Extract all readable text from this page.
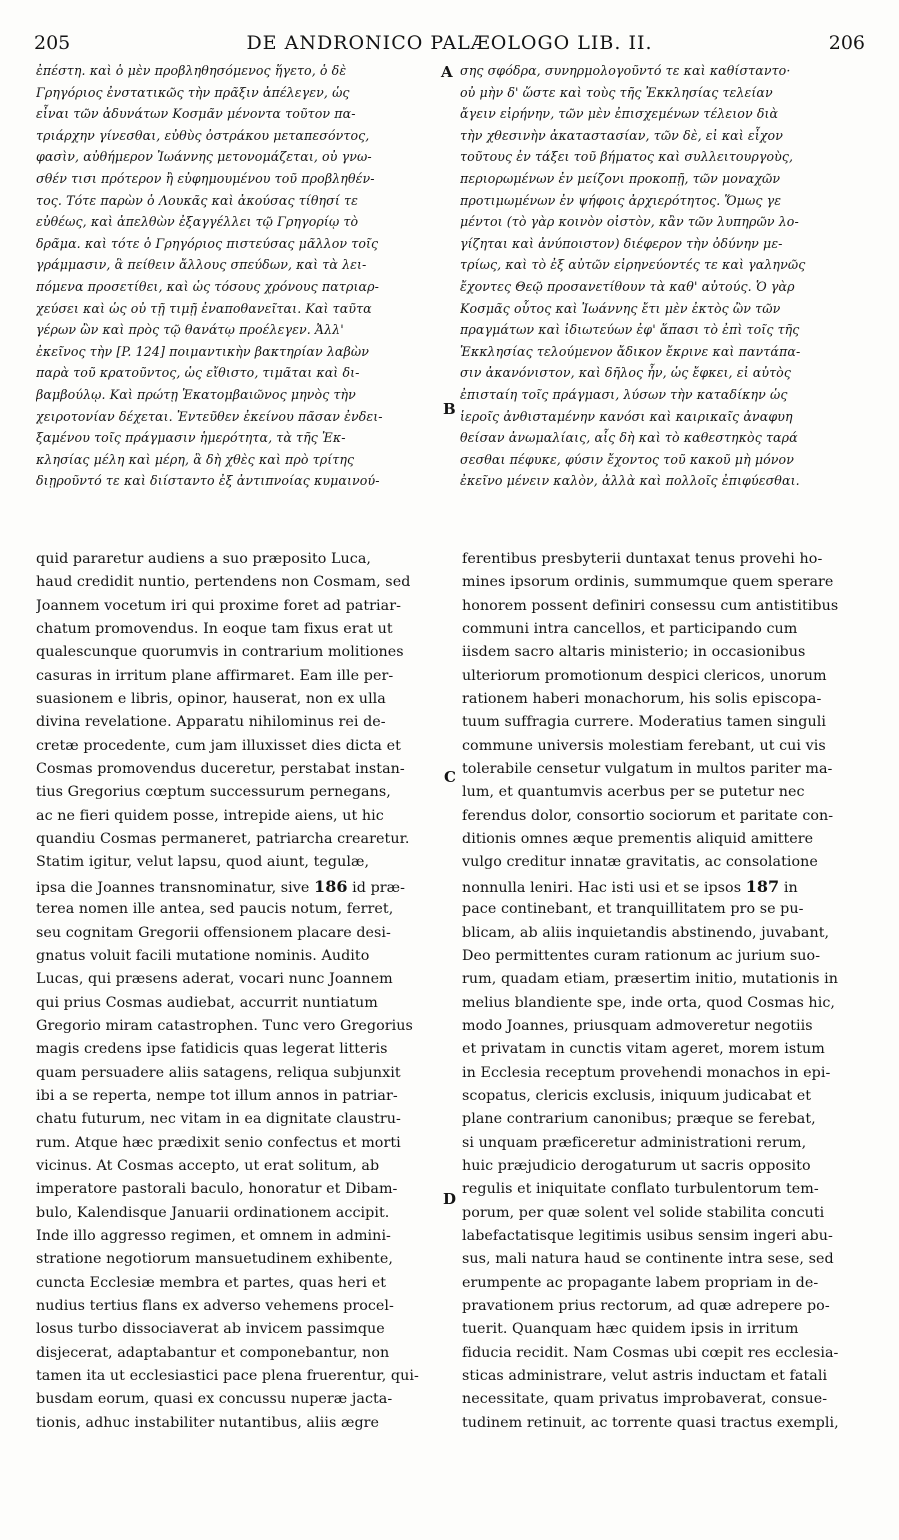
205	DE ANDRONICO PALÆOLOGO LIB. II.	206
ἐπέστη. καὶ ὁ μὲν προβληθησόμενος ἥγετο, ὁ δὲ
Γρηγόριος ἐνστατικῶς τὴν πρᾶξιν ἀπέλεγεν, ὡς
εἶναι τῶν ἀδυνάτων Κοσμᾶν μένοντα τοῦτον πα-
τριάρχην γίνεσθαι, εὐθὺς ὀστράκου μεταπεσόντος,
φασὶν, αὐθήμερον Ἰωάννης μετονομάζεται, οὐ γνω-
σθέν τισι πρότερον ἢ εὐφημουμένου τοῦ προβληθέν-
τος. Τότε παρὼν ὁ Λουκᾶς καὶ ἀκούσας τίθησί τε
εὐθέως, καὶ ἀπελθὼν ἐξαγγέλλει τῷ Γρηγορίῳ τὸ
δρᾶμα. καὶ τότε ὁ Γρηγόριος πιστεύσας μᾶλλον τοῖς
γράμμασιν, ἃ πείθειν ἄλλους σπεύδων, καὶ τὰ λει-
πόμενα προσετίθει, καὶ ὡς τόσους χρόνους πατριαρ-
χεύσει καὶ ὡς οὐ τῇ τιμῇ ἐναποθανεῖται. Καὶ ταῦτα
γέρων ὢν καὶ πρὸς τῷ θανάτῳ προέλεγεν. Ἀλλ'
ἐκεῖνος τὴν [P. 124] ποιμαντικὴν βακτηρίαν λαβὼν
παρὰ τοῦ κρατοῦντος, ὡς εἴθιστο, τιμᾶται καὶ δι-
βαμβούλῳ. Καὶ πρώτῃ Ἑκατομβαιῶνος μηνὸς τὴν
χειροτονίαν δέχεται. Ἐντεῦθεν ἐκείνου πᾶσαν ἐνδει-
ξαμένου τοῖς πράγμασιν ἡμερότητα, τὰ τῆς Ἐκ-
κλησίας μέλη καὶ μέρη, ἃ δὴ χθὲς καὶ πρὸ τρίτης
διῃροῦντό τε καὶ διίσταντο ἐξ ἀντιπνοίας κυμαινού-
σης σφόδρα, συνηρμολογοῦντό τε καὶ καθίσταντο·
οὐ μὴν δ' ὥστε καὶ τοὺς τῆς Ἐκκλησίας τελείαν
ἄγειν εἰρήνην, τῶν μὲν ἐπισχεμένων τέλειον διὰ
τὴν χθεσινὴν ἀκαταστασίαν, τῶν δὲ, εἰ καὶ εἶχον
τοῦτους ἐν τάξει τοῦ βήματος καὶ συλλειτουργοὺς,
περιορωμένων ἐν μείζονι προκοπῇ, τῶν μοναχῶν
προτιμωμένων ἐν ψήφοις ἀρχιερότητος. Ὅμως γε
μέντοι (τὸ γὰρ κοινὸν οἰστὸν, κἂν τῶν λυπηρῶν λο-
γίζηται καὶ ἀνύποιστον) διέφερον τὴν ὀδύνην με-
τρίως, καὶ τὸ ἐξ αὐτῶν εἰρηνεύοντές τε καὶ γαληνῶς
ἔχοντες Θεῷ προσανετίθουν τὰ καθ' αὐτούς. Ὁ γὰρ
Κοσμᾶς οὗτος καὶ Ἰωάννης ἔτι μὲν ἐκτὸς ὢν τῶν
πραγμάτων καὶ ἰδιωτεύων ἐφ' ἅπασι τὸ ἐπὶ τοῖς τῆς
Ἐκκλησίας τελούμενον ἄδικον ἔκρινε καὶ παντάπα-
σιν ἀκανόνιστον, καὶ δῆλος ἦν, ὡς ἔφκει, εἰ αὐτὸς
ἐπισταίη τοῖς πράγμασι, λύσων τὴν καταδίκην ὡς
ἱεροῖς ἀνθισταμένην κανόσι καὶ καιρικαῖς ἀναφυη
θείσαν ἀνωμαλίαις, αἷς δὴ καὶ τὸ καθεστηκὸς ταρά
σεσθαι πέφυκε, φύσιν ἔχοντος τοῦ κακοῦ μὴ μόνον
ἐκεῖνο μένειν καλὸν, ἀλλὰ καὶ πολλοῖς ἐπιφύεσθαι.
quid pararetur audiens a suo præposito Luca,
haud credidit nuntio, pertendens non Cosmam, sed
Joannem vocetum iri qui proxime foret ad patriar-
chatum promovendus. In eoque tam fixus erat ut
qualescunque quorumvis in contrarium molitiones
casuras in irritum plane affirmaret. Eam ille per-
suasionem e libris, opinor, hauserat, non ex ulla
divina revelatione. Apparatu nihilominus rei de-
cretæ procedente, cum jam illuxisset dies dicta et
Cosmas promovendus duceretur, perstabat instan-
tius Gregorius cœptum successurum pernegans,
ac ne fieri quidem posse, intrepide aiens, ut hic
quandiu Cosmas permaneret, patriarcha crearetur.
Statim igitur, velut lapsu, quod aiunt, tegulæ,
ipsa die Joannes transnominatur, sive 186 id præ-
terea nomen ille antea, sed paucis notum, ferret,
seu cognitam Gregorii offensionem placare desi-
gnatus voluit facili mutatione nominis. Audito
Lucas, qui præsens aderat, vocari nunc Joannem
qui prius Cosmas audiebat, accurrit nuntiatum
Gregorio miram catastrophen. Tunc vero Gregorius
magis credens ipse fatidicis quas legerat litteris
quam persuadere aliis satagens, reliqua subjunxit
ibi a se reperta, nempe tot illum annos in patriar-
chatu futurum, nec vitam in ea dignitate claustru-
rum. Atque hæc prædixit senio confectus et morti
vicinus. At Cosmas accepto, ut erat solitum, ab
imperatore pastorali baculo, honoratur et Dibam-
bulo, Kalendisque Januarii ordinationem accipit.
Inde illo aggresso regimen, et omnem in admini-
stratione negotiorum mansuetudinem exhibente,
cuncta Ecclesiæ membra et partes, quas heri et
nudius tertius flans ex adverso vehemens procel-
losus turbo dissociaverat ab invicem passimque
disjecerat, adaptabantur et componebantur, non
tamen ita ut ecclesiastici pace plena fruerentur, qui-
busdam eorum, quasi ex concussu nuperæ jacta-
tionis, adhuc instabiliter nutantibus, aliis ægre
ferentibus presbyterii duntaxat tenus provehi ho-
mines ipsorum ordinis, summumque quem sperare
honorem possent definiri consessu cum antistitibus
communi intra cancellos, et participando cum
iisdem sacro altaris ministerio; in occasionibus
ulteriorum promotionum despici clericos, unorum
rationem haberi monachorum, his solis episcopa-
tuum suffragia currere. Moderatius tamen singuli
commune universis molestiam ferebant, ut cui vis
tolerabile censetur vulgatum in multos pariter ma-
lum, et quantumvis acerbus per se putetur nec
ferendus dolor, consortio sociorum et paritate con-
ditionis omnes æque prementis aliquid amittere
vulgo creditur innatæ gravitatis, ac consolatione
nonnulla leniri. Hac isti usi et se ipsos 187 in
pace continebant, et tranquillitatem pro se pu-
blicam, ab aliis inquietandis abstinendo, juvabant,
Deo permittentes curam rationum ac jurium suo-
rum, quadam etiam, præsertim initio, mutationis in
melius blandiente spe, inde orta, quod Cosmas hic,
modo Joannes, priusquam admoveretur negotiis
et privatam in cunctis vitam ageret, morem istum
in Ecclesia receptum provehendi monachos in epi-
scopatus, clericis exclusis, iniquum judicabat et
plane contrarium canonibus; præque se ferebat,
si unquam præficeretur administrationi rerum,
huic præjudicio derogaturum ut sacris opposito
regulis et iniquitate conflato turbulentorum tem-
porum, per quæ solent vel solide stabilita concuti
labefactatisque legitimis usibus sensim ingeri abu-
sus, mali natura haud se continente intra sese, sed
erumpente ac propagante labem propriam in de-
pravationem prius rectorum, ad quæ adrepere po-
tuerit. Quanquam hæc quidem ipsis in irritum
fiducia recidit. Nam Cosmas ubi cœpit res ecclesia-
sticas administrare, velut astris inductam et fatali
necessitate, quam privatus improbaverat, consue-
tudinem retinuit, ac torrente quasi tractus exempli,
A
B
C
D
